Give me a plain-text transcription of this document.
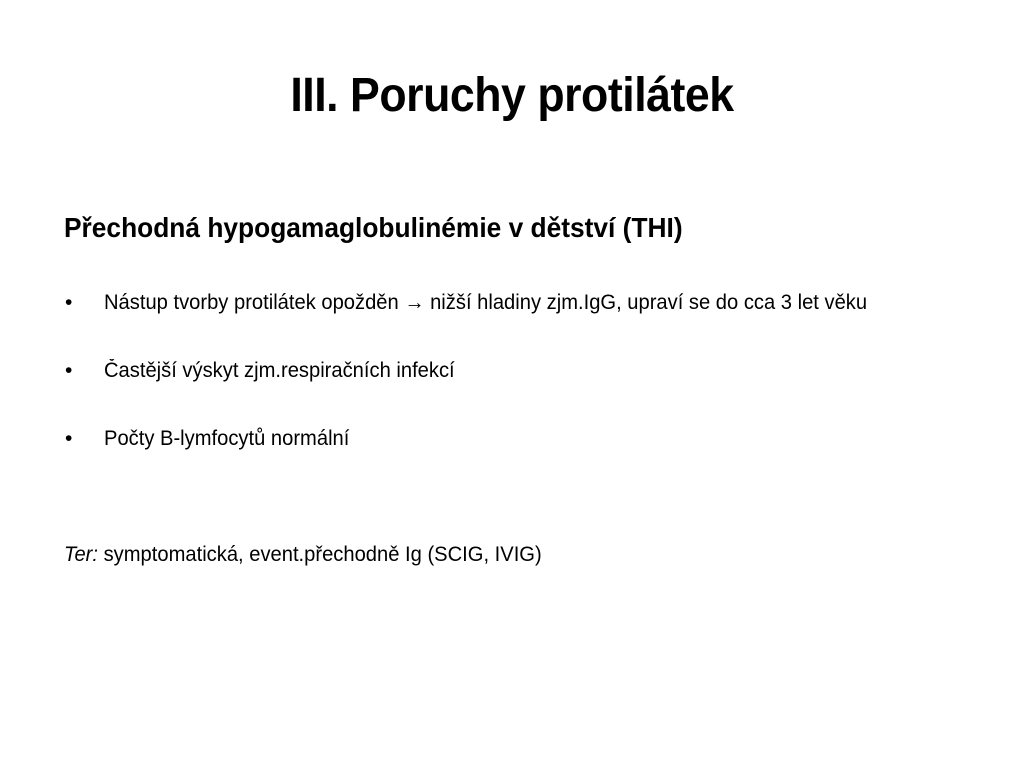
III. Poruchy protilátek
Přechodná hypogamaglobulinémie v dětství (THI)
• Nástup tvorby protilátek opožděn → nižší hladiny zjm.IgG, upraví se do cca 3 let věku
• Častější výskyt zjm.respiračních infekcí
• Počty B-lymfocytů normální

Ter: symptomatická, event.přechodně Ig (SCIG, IVIG)
